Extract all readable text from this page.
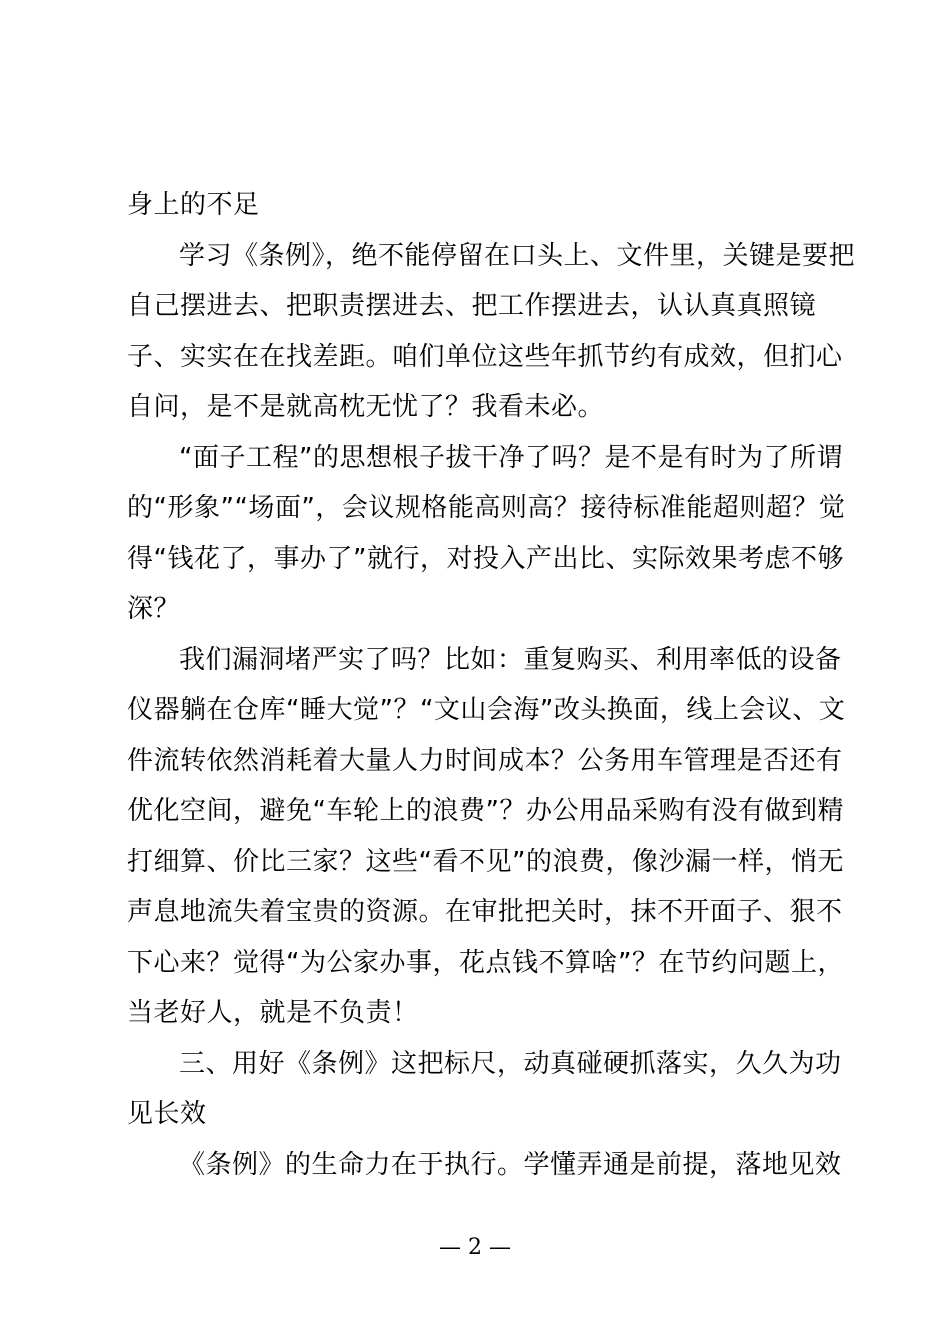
身上的不足

学习《条例》，绝不能停留在口头上、文件里，关键是要把自己摆进去、把职责摆进去、把工作摆进去，认认真真照镜子、实实在在找差距。咱们单位这些年抓节约有成效，但扪心自问，是不是就高枕无忧了？我看未必。

“面子工程”的思想根子拔干净了吗？是不是有时为了所谓的“形象”“场面”，会议规格能高则高？接待标准能超则超？觉得“钱花了，事办了”就行，对投入产出比、实际效果考虑不够深？

我们漏洞堵严实了吗？比如：重复购买、利用率低的设备仪器躺在仓库“睡大觉”？“文山会海”改头换面，线上会议、文件流转依然消耗着大量人力时间成本？公务用车管理是否还有优化空间，避免“车轮上的浪费”？办公用品采购有没有做到精打细算、价比三家？这些“看不见”的浪费，像沙漏一样，悄无声息地流失着宝贵的资源。在审批把关时，抹不开面子、狠不下心来？觉得“为公家办事，花点钱不算啥”？在节约问题上，当老好人，就是不负责！

三、用好《条例》这把标尺，动真碰硬抓落实，久久为功见长效

《条例》的生命力在于执行。学懂弄通是前提，落地见效

— 2 —
